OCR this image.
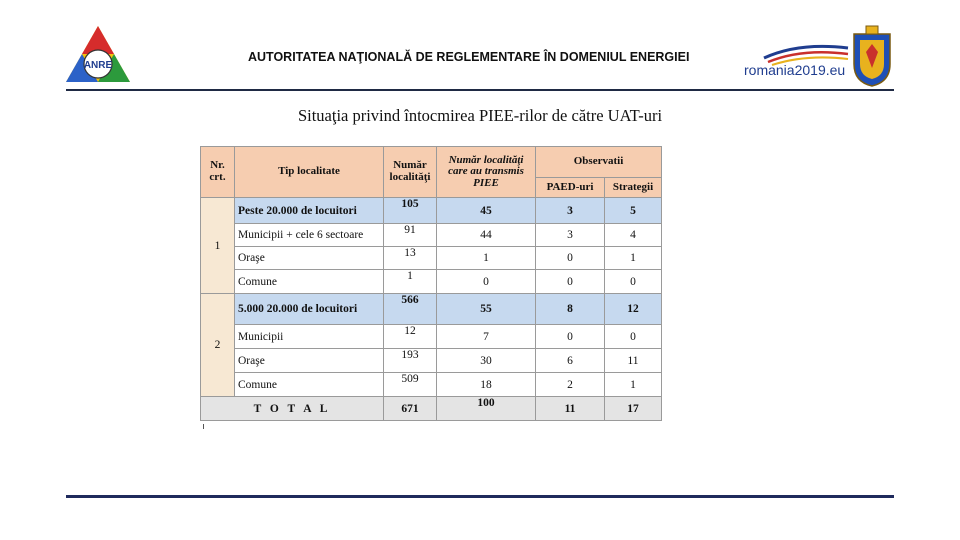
ANRE
AUTORITATEA NAŢIONALĂ DE REGLEMENTARE ÎN DOMENIUL ENERGIEI
romania2019.eu
Situaţia privind întocmirea PIEE-rilor de către UAT-uri
Nr. crt.	Tip localitate	Număr localităţi	Număr localităţi care au transmis PIEE	Observatii	
				PAED-uri	Strategii
1	Peste 20.000 de locuitori	105	45	3	5
	Municipii + cele 6 sectoare	91	44	3	4
	Oraşe	13	1	0	1
	Comune	1	0	0	0
2	5.000 20.000 de locuitori	566	55	8	12
	Municipii	12	7	0	0
	Oraşe	193	30	6	11
	Comune	509	18	2	1
T O T A L		671	100	11	17
